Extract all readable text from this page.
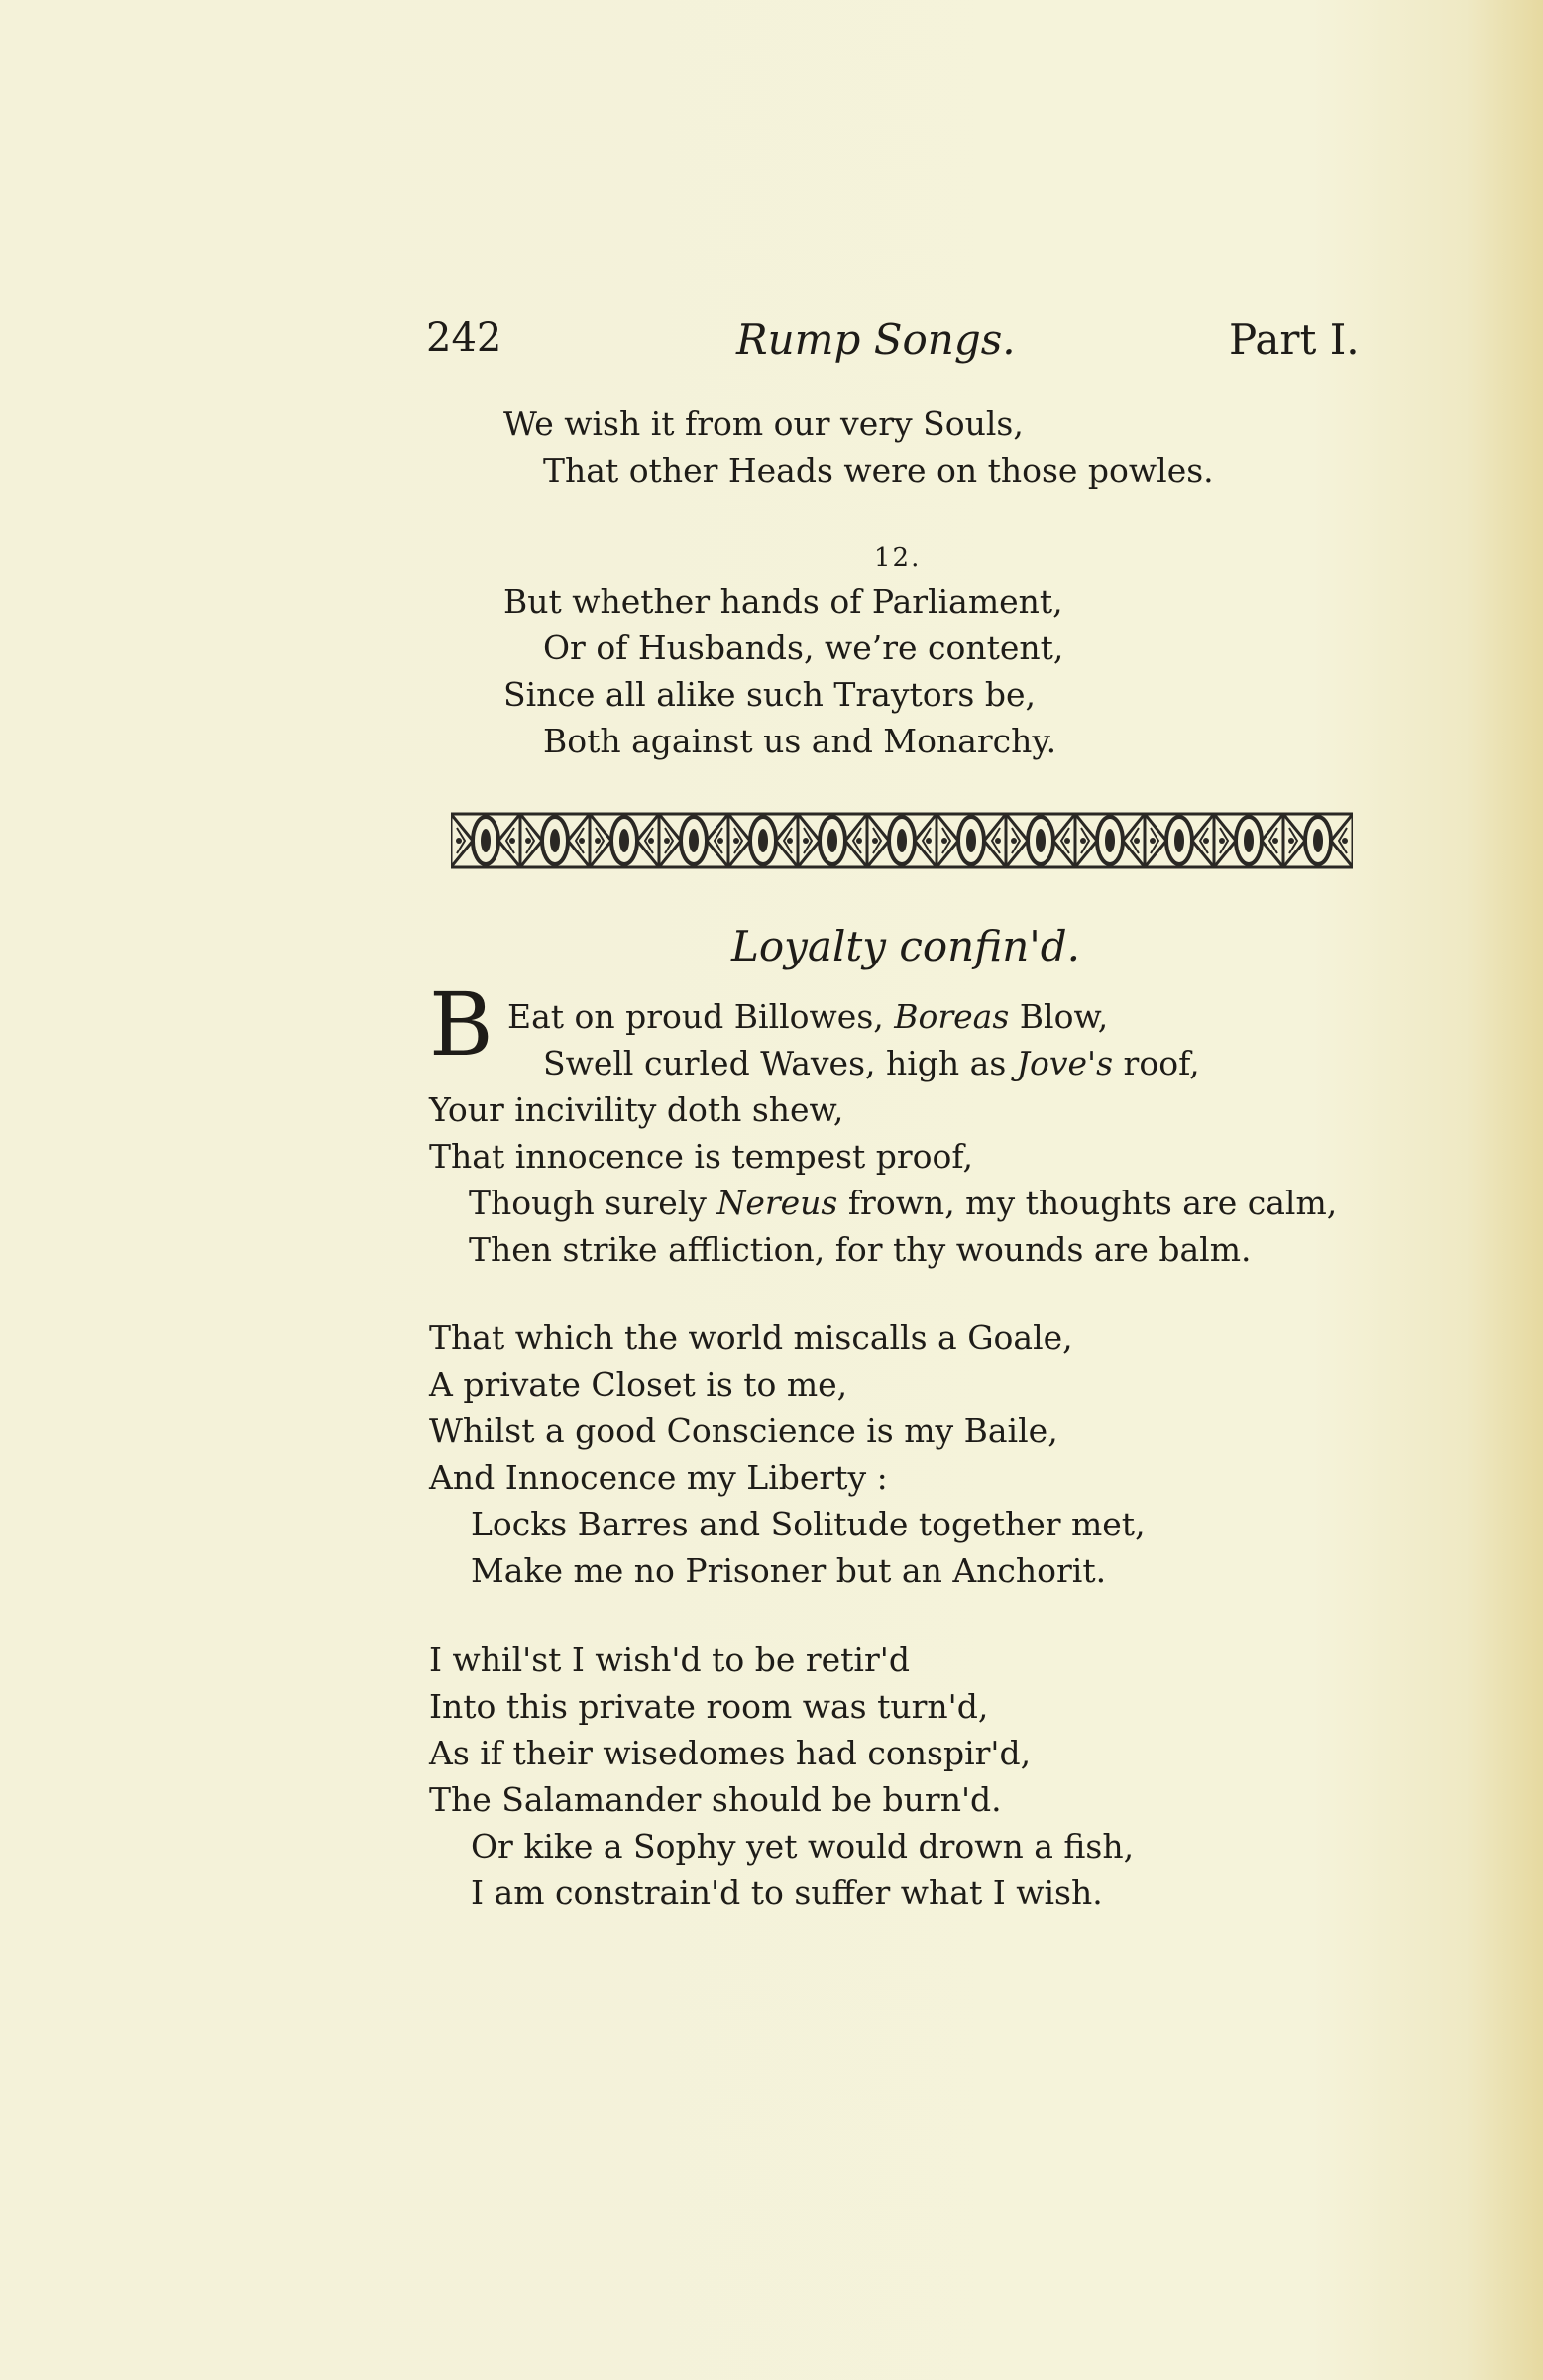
242	Rump Songs.	Part I.
We wish it from our very Souls,
That other Heads were on those powles.
12.
But whether hands of Parliament,
Or of Husbands, we’re content,
Since all alike such Traytors be,
Both against us and Monarchy.
Loyalty confin'd.
B Eat on proud Billowes, Boreas Blow,
Swell curled Waves, high as Jove's roof,
Your incivility doth shew,
That innocence is tempest proof,
Though surely Nereus frown, my thoughts are calm,
Then strike affliction, for thy wounds are balm.
That which the world miscalls a Goale,
A private Closet is to me,
Whilst a good Conscience is my Baile,
And Innocence my Liberty :
Locks Barres and Solitude together met,
Make me no Prisoner but an Anchorit.
I whil'st I wish'd to be retir'd
Into this private room was turn'd,
As if their wisedomes had conspir'd,
The Salamander should be burn'd.
Or kike a Sophy yet would drown a fish,
I am constrain'd to suffer what I wish.
